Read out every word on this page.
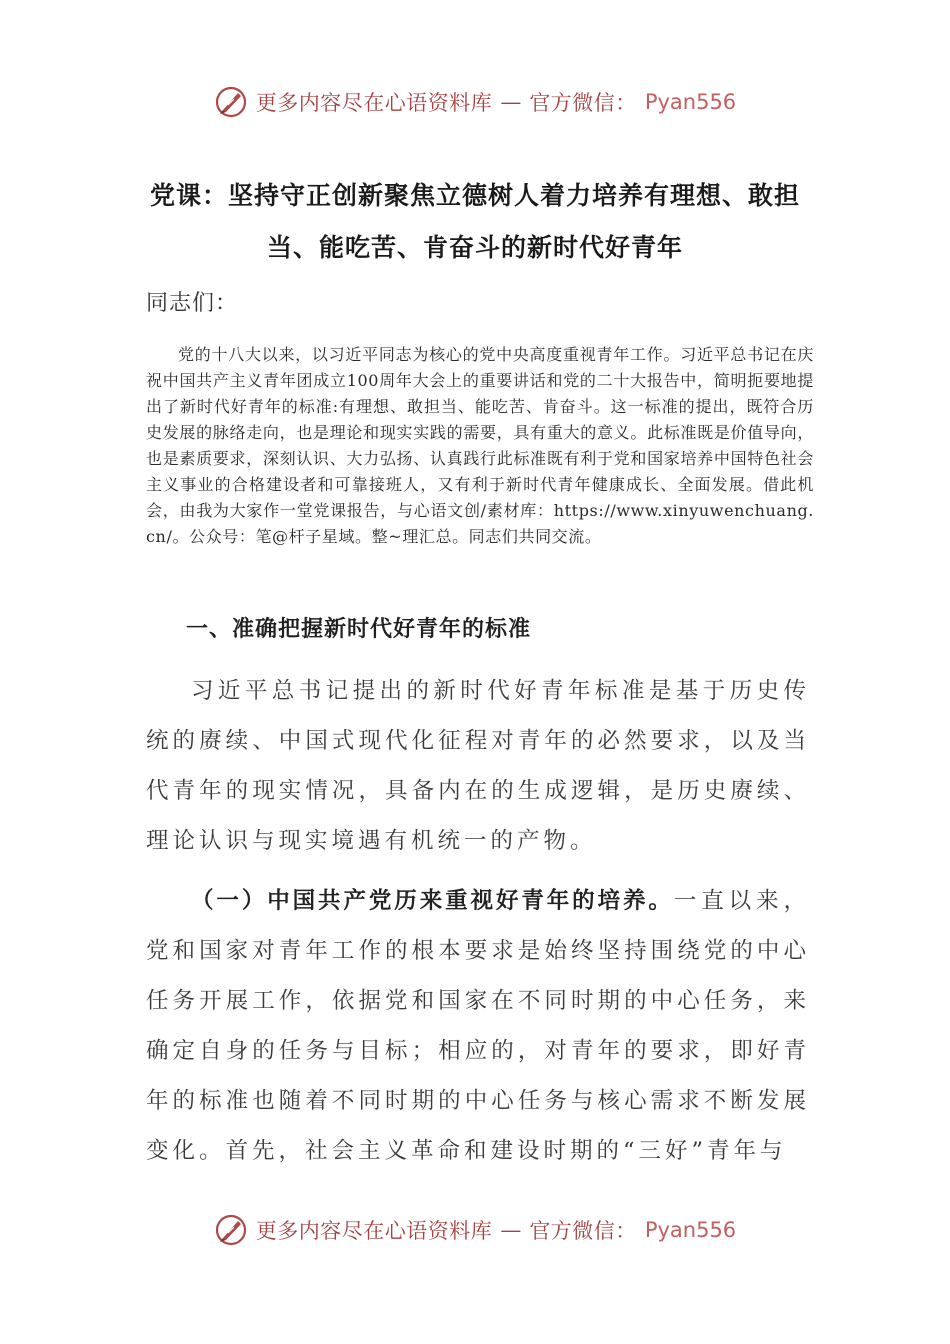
更多内容尽在心语资料库 — 官方微信： Pyan556
党课：坚持守正创新聚焦立德树人着力培养有理想、敢担当、能吃苦、肯奋斗的新时代好青年
同志们：
党的十八大以来，以习近平同志为核心的党中央高度重视青年工作。习近平总书记在庆祝中国共产主义青年团成立100周年大会上的重要讲话和党的二十大报告中，简明扼要地提出了新时代好青年的标准:有理想、敢担当、能吃苦、肯奋斗。这一标准的提出，既符合历史发展的脉络走向，也是理论和现实实践的需要，具有重大的意义。此标准既是价值导向，也是素质要求，深刻认识、大力弘扬、认真践行此标准既有利于党和国家培养中国特色社会主义事业的合格建设者和可靠接班人，又有利于新时代青年健康成长、全面发展。借此机会，由我为大家作一堂党课报告，与心语文创/素材库：https://www.xinyuwenchuang.cn/。公众号：笔@杆子星域。整~理汇总。同志们共同交流。
一、准确把握新时代好青年的标准
习近平总书记提出的新时代好青年标准是基于历史传统的赓续、中国式现代化征程对青年的必然要求，以及当代青年的现实情况，具备内在的生成逻辑，是历史赓续、理论认识与现实境遇有机统一的产物。
（一）中国共产党历来重视好青年的培养。一直以来，党和国家对青年工作的根本要求是始终坚持围绕党的中心任务开展工作，依据党和国家在不同时期的中心任务，来确定自身的任务与目标；相应的，对青年的要求，即好青年的标准也随着不同时期的中心任务与核心需求不断发展变化。首先，社会主义革命和建设时期的“三好”青年与
更多内容尽在心语资料库 — 官方微信： Pyan556
